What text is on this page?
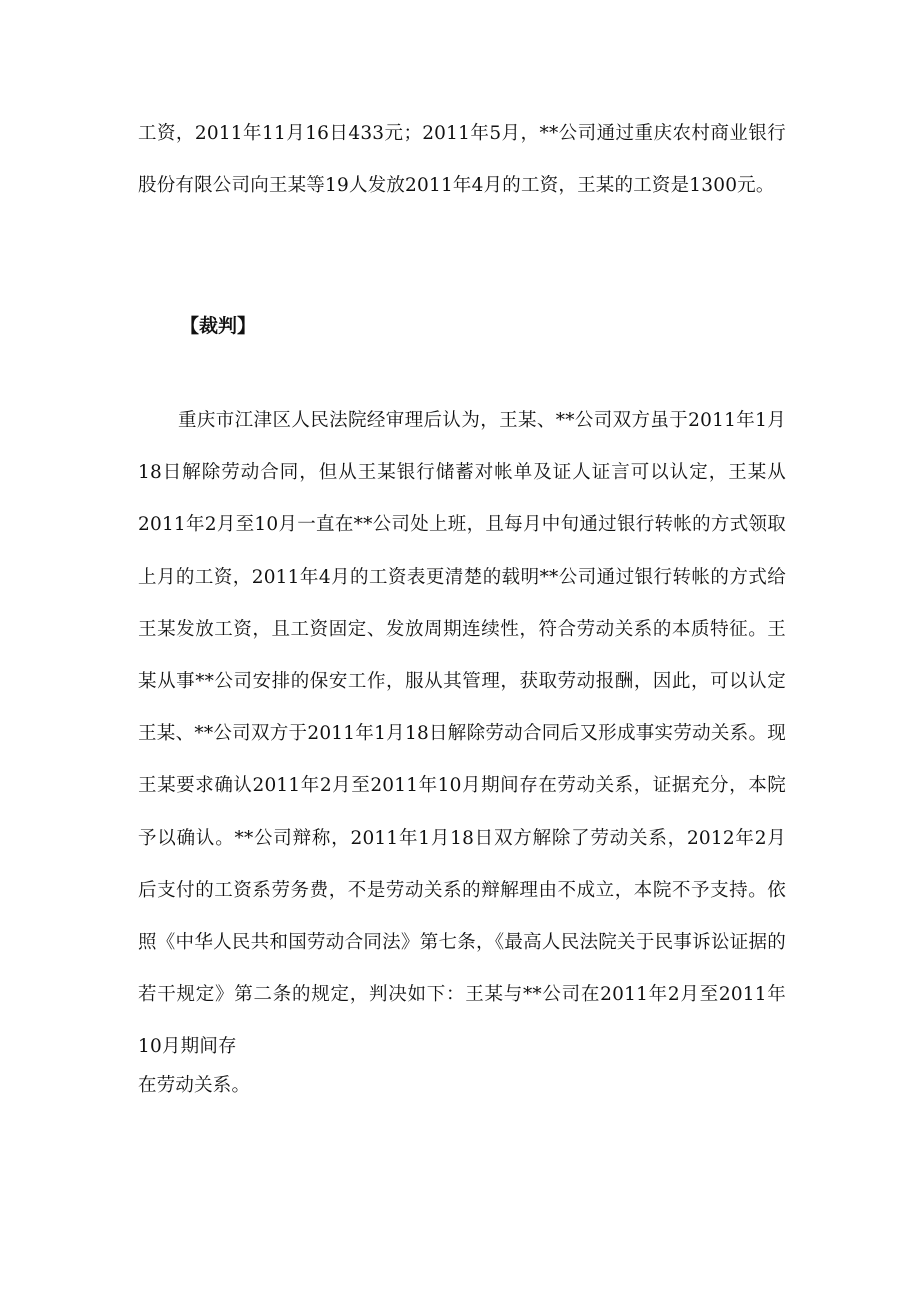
工资，2011年11月16日433元；2011年5月，**公司通过重庆农村商业银行股份有限公司向王某等19人发放2011年4月的工资，王某的工资是1300元。

【裁判】

重庆市江津区人民法院经审理后认为，王某、**公司双方虽于2011年1月18日解除劳动合同，但从王某银行储蓄对帐单及证人证言可以认定，王某从2011年2月至10月一直在**公司处上班，且每月中旬通过银行转帐的方式领取上月的工资，2011年4月的工资表更清楚的载明**公司通过银行转帐的方式给王某发放工资，且工资固定、发放周期连续性，符合劳动关系的本质特征。王某从事**公司安排的保安工作，服从其管理，获取劳动报酬，因此，可以认定王某、**公司双方于2011年1月18日解除劳动合同后又形成事实劳动关系。现王某要求确认2011年2月至2011年10月期间存在劳动关系，证据充分，本院予以确认。**公司辩称，2011年1月18日双方解除了劳动关系，2012年2月后支付的工资系劳务费，不是劳动关系的辩解理由不成立，本院不予支持。依照《中华人民共和国劳动合同法》第七条，《最高人民法院关于民事诉讼证据的若干规定》第二条的规定，判决如下：王某与**公司在2011年2月至2011年10月期间存

在劳动关系。
